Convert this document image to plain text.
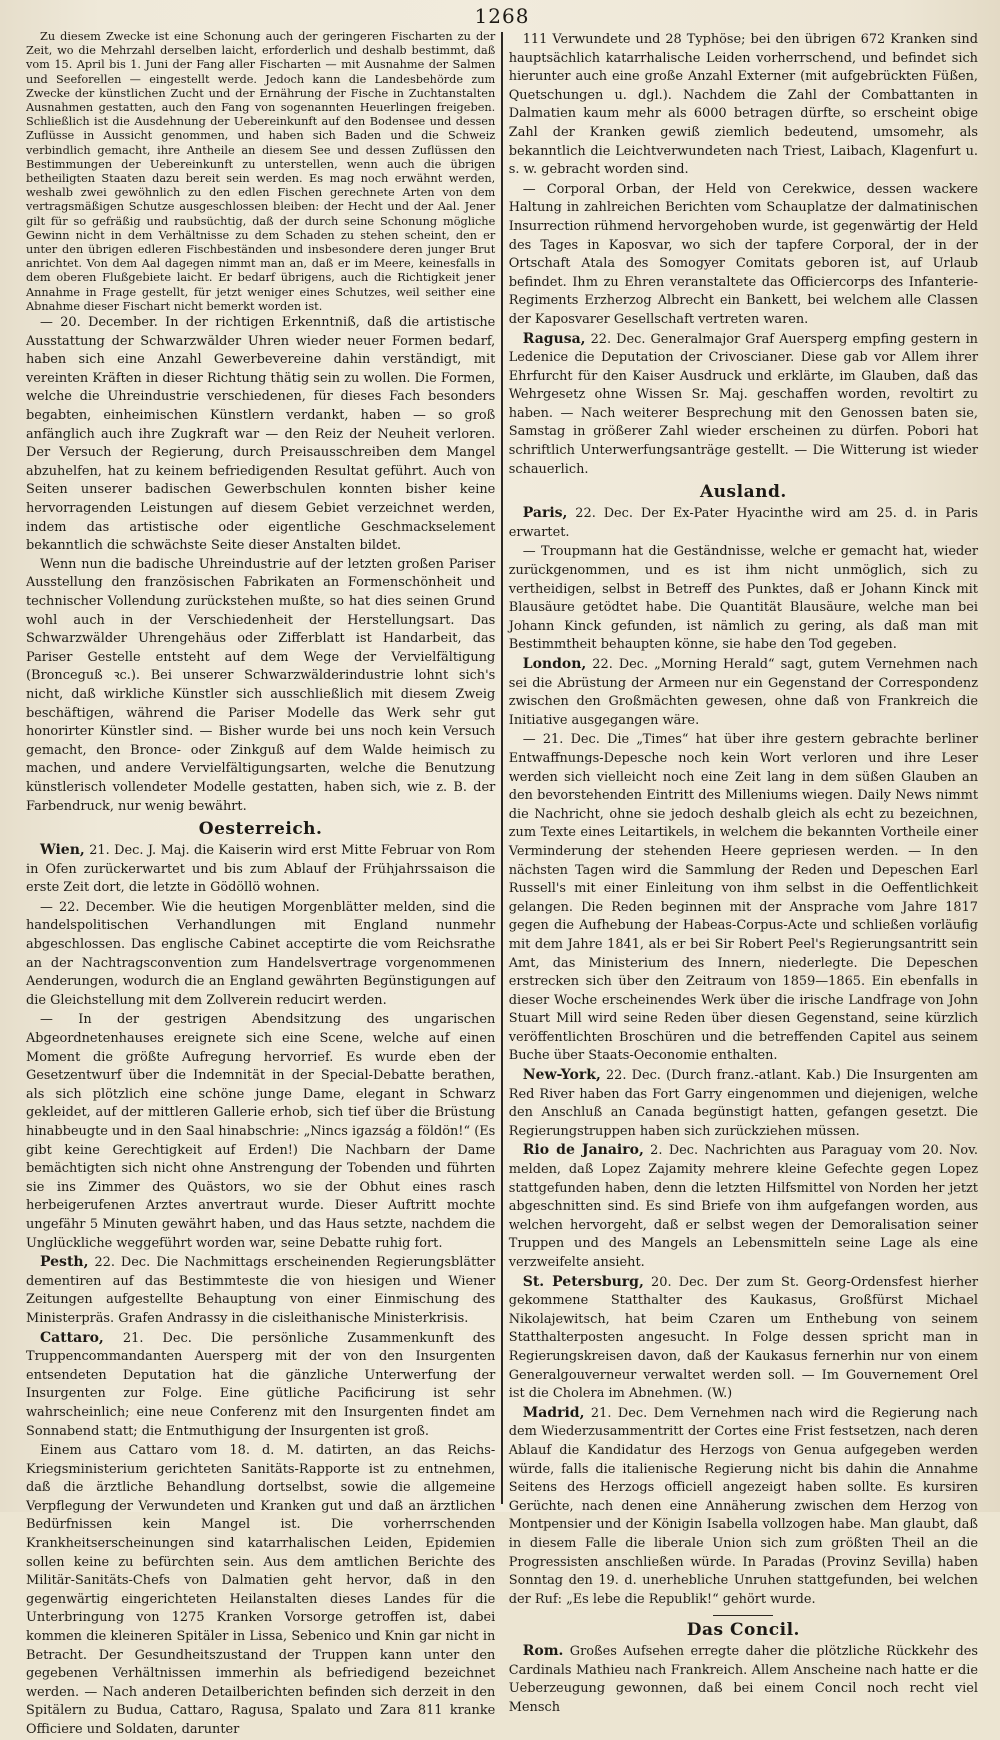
1268

Zu diesem Zwecke ist eine Schonung auch der geringeren Fischarten zu der Zeit, wo die Mehrzahl derselben laicht, erforderlich und deshalb bestimmt, daß vom 15. April bis 1. Juni der Fang aller Fischarten — mit Ausnahme der Salmen und Seeforellen — eingestellt werde. Jedoch kann die Landesbehörde zum Zwecke der künstlichen Zucht und der Ernährung der Fische in Zuchtanstalten Ausnahmen gestatten, auch den Fang von sogenannten Heuerlingen freigeben. Schließlich ist die Ausdehnung der Uebereinkunft auf den Bodensee und dessen Zuflüsse in Aussicht genommen, und haben sich Baden und die Schweiz verbindlich gemacht, ihre Antheile an diesem See und dessen Zuflüssen den Bestimmungen der Uebereinkunft zu unterstellen, wenn auch die übrigen betheiligten Staaten dazu bereit sein werden. Es mag noch erwähnt werden, weshalb zwei gewöhnlich zu den edlen Fischen gerechnete Arten von dem vertragsmäßigen Schutze ausgeschlossen bleiben: der Hecht und der Aal. Jener gilt für so gefräßig und raubsüchtig, daß der durch seine Schonung mögliche Gewinn nicht in dem Verhältnisse zu dem Schaden zu stehen scheint, den er unter den übrigen edleren Fischbeständen und insbesondere deren junger Brut anrichtet. Von dem Aal dagegen nimmt man an, daß er im Meere, keinesfalls in dem oberen Flußgebiete laicht. Er bedarf übrigens, auch die Richtigkeit jener Annahme in Frage gestellt, für jetzt weniger eines Schutzes, weil seither eine Abnahme dieser Fischart nicht bemerkt worden ist.

— 20. December. In der richtigen Erkenntniß, daß die artistische Ausstattung der Schwarzwälder Uhren wieder neuer Formen bedarf, haben sich eine Anzahl Gewerbevereine dahin verständigt, mit vereinten Kräften in dieser Richtung thätig sein zu wollen. Die Formen, welche die Uhreindustrie verschiedenen, für dieses Fach besonders begabten, einheimischen Künstlern verdankt, haben — so groß anfänglich auch ihre Zugkraft war — den Reiz der Neuheit verloren. Der Versuch der Regierung, durch Preisausschreiben dem Mangel abzuhelfen, hat zu keinem befriedigenden Resultat geführt. Auch von Seiten unserer badischen Gewerbschulen konnten bisher keine hervorragenden Leistungen auf diesem Gebiet verzeichnet werden, indem das artistische oder eigentliche Geschmackselement bekanntlich die schwächste Seite dieser Anstalten bildet.

Wenn nun die badische Uhreindustrie auf der letzten großen Pariser Ausstellung den französischen Fabrikaten an Formenschönheit und technischer Vollendung zurückstehen mußte, so hat dies seinen Grund wohl auch in der Verschiedenheit der Herstellungsart. Das Schwarzwälder Uhrengehäus oder Zifferblatt ist Handarbeit, das Pariser Gestelle entsteht auf dem Wege der Vervielfältigung (Bronceguß ꝛc.). Bei unserer Schwarzwälderindustrie lohnt sich's nicht, daß wirkliche Künstler sich ausschließlich mit diesem Zweig beschäftigen, während die Pariser Modelle das Werk sehr gut honorirter Künstler sind. — Bisher wurde bei uns noch kein Versuch gemacht, den Bronce- oder Zinkguß auf dem Walde heimisch zu machen, und andere Vervielfältigungsarten, welche die Benutzung künstlerisch vollendeter Modelle gestatten, haben sich, wie z. B. der Farbendruck, nur wenig bewährt.

Oesterreich.

Wien, 21. Dec. J. Maj. die Kaiserin wird erst Mitte Februar von Rom in Ofen zurückerwartet und bis zum Ablauf der Frühjahrssaison die erste Zeit dort, die letzte in Gödöllö wohnen.

— 22. December. Wie die heutigen Morgenblätter melden, sind die handelspolitischen Verhandlungen mit England nunmehr abgeschlossen. Das englische Cabinet acceptirte die vom Reichsrathe an der Nachtragsconvention zum Handelsvertrage vorgenommenen Aenderungen, wodurch die an England gewährten Begünstigungen auf die Gleichstellung mit dem Zollverein reducirt werden.

— In der gestrigen Abendsitzung des ungarischen Abgeordnetenhauses ereignete sich eine Scene, welche auf einen Moment die größte Aufregung hervorrief. Es wurde eben der Gesetzentwurf über die Indemnität in der Special-Debatte berathen, als sich plötzlich eine schöne junge Dame, elegant in Schwarz gekleidet, auf der mittleren Gallerie erhob, sich tief über die Brüstung hinabbeugte und in den Saal hinabschrie: „Nincs igazság a földön!“ (Es gibt keine Gerechtigkeit auf Erden!) Die Nachbarn der Dame bemächtigten sich nicht ohne Anstrengung der Tobenden und führten sie ins Zimmer des Quästors, wo sie der Obhut eines rasch herbeigerufenen Arztes anvertraut wurde. Dieser Auftritt mochte ungefähr 5 Minuten gewährt haben, und das Haus setzte, nachdem die Unglückliche weggeführt worden war, seine Debatte ruhig fort.

Pesth, 22. Dec. Die Nachmittags erscheinenden Regierungsblätter dementiren auf das Bestimmteste die von hiesigen und Wiener Zeitungen aufgestellte Behauptung von einer Einmischung des Ministerpräs. Grafen Andrassy in die cisleithanische Ministerkrisis.

Cattaro, 21. Dec. Die persönliche Zusammenkunft des Truppencommandanten Auersperg mit der von den Insurgenten entsendeten Deputation hat die gänzliche Unterwerfung der Insurgenten zur Folge. Eine gütliche Pacificirung ist sehr wahrscheinlich; eine neue Conferenz mit den Insurgenten findet am Sonnabend statt; die Entmuthigung der Insurgenten ist groß.

Einem aus Cattaro vom 18. d. M. datirten, an das Reichs-Kriegsministerium gerichteten Sanitäts-Rapporte ist zu entnehmen, daß die ärztliche Behandlung dortselbst, sowie die allgemeine Verpflegung der Verwundeten und Kranken gut und daß an ärztlichen Bedürfnissen kein Mangel ist. Die vorherrschenden Krankheitserscheinungen sind katarrhalischen Leiden, Epidemien sollen keine zu befürchten sein. Aus dem amtlichen Berichte des Militär-Sanitäts-Chefs von Dalmatien geht hervor, daß in den gegenwärtig eingerichteten Heilanstalten dieses Landes für die Unterbringung von 1275 Kranken Vorsorge getroffen ist, dabei kommen die kleineren Spitäler in Lissa, Sebenico und Knin gar nicht in Betracht. Der Gesundheitszustand der Truppen kann unter den gegebenen Verhältnissen immerhin als befriedigend bezeichnet werden. — Nach anderen Detailberichten befinden sich derzeit in den Spitälern zu Budua, Cattaro, Ragusa, Spalato und Zara 811 kranke Officiere und Soldaten, darunter

111 Verwundete und 28 Typhöse; bei den übrigen 672 Kranken sind hauptsächlich katarrhalische Leiden vorherrschend, und befindet sich hierunter auch eine große Anzahl Externer (mit aufgebrückten Füßen, Quetschungen u. dgl.). Nachdem die Zahl der Combattanten in Dalmatien kaum mehr als 6000 betragen dürfte, so erscheint obige Zahl der Kranken gewiß ziemlich bedeutend, umsomehr, als bekanntlich die Leichtverwundeten nach Triest, Laibach, Klagenfurt u. s. w. gebracht worden sind.

— Corporal Orban, der Held von Cerekwice, dessen wackere Haltung in zahlreichen Berichten vom Schauplatze der dalmatinischen Insurrection rühmend hervorgehoben wurde, ist gegenwärtig der Held des Tages in Kaposvar, wo sich der tapfere Corporal, der in der Ortschaft Atala des Somogyer Comitats geboren ist, auf Urlaub befindet. Ihm zu Ehren veranstaltete das Officiercorps des Infanterie-Regiments Erzherzog Albrecht ein Bankett, bei welchem alle Classen der Kaposvarer Gesellschaft vertreten waren.

Ragusa, 22. Dec. Generalmajor Graf Auersperg empfing gestern in Ledenice die Deputation der Crivoscianer. Diese gab vor Allem ihrer Ehrfurcht für den Kaiser Ausdruck und erklärte, im Glauben, daß das Wehrgesetz ohne Wissen Sr. Maj. geschaffen worden, revoltirt zu haben. — Nach weiterer Besprechung mit den Genossen baten sie, Samstag in größerer Zahl wieder erscheinen zu dürfen. Pobori hat schriftlich Unterwerfungsanträge gestellt. — Die Witterung ist wieder schauerlich.

Ausland.

Paris, 22. Dec. Der Ex-Pater Hyacinthe wird am 25. d. in Paris erwartet.

— Troupmann hat die Geständnisse, welche er gemacht hat, wieder zurückgenommen, und es ist ihm nicht unmöglich, sich zu vertheidigen, selbst in Betreff des Punktes, daß er Johann Kinck mit Blausäure getödtet habe. Die Quantität Blausäure, welche man bei Johann Kinck gefunden, ist nämlich zu gering, als daß man mit Bestimmtheit behaupten könne, sie habe den Tod gegeben.

London, 22. Dec. „Morning Herald“ sagt, gutem Vernehmen nach sei die Abrüstung der Armeen nur ein Gegenstand der Correspondenz zwischen den Großmächten gewesen, ohne daß von Frankreich die Initiative ausgegangen wäre.

— 21. Dec. Die „Times“ hat über ihre gestern gebrachte berliner Entwaffnungs-Depesche noch kein Wort verloren und ihre Leser werden sich vielleicht noch eine Zeit lang in dem süßen Glauben an den bevorstehenden Eintritt des Milleniums wiegen. Daily News nimmt die Nachricht, ohne sie jedoch deshalb gleich als echt zu bezeichnen, zum Texte eines Leitartikels, in welchem die bekannten Vortheile einer Verminderung der stehenden Heere gepriesen werden. — In den nächsten Tagen wird die Sammlung der Reden und Depeschen Earl Russell's mit einer Einleitung von ihm selbst in die Oeffentlichkeit gelangen. Die Reden beginnen mit der Ansprache vom Jahre 1817 gegen die Aufhebung der Habeas-Corpus-Acte und schließen vorläufig mit dem Jahre 1841, als er bei Sir Robert Peel's Regierungsantritt sein Amt, das Ministerium des Innern, niederlegte. Die Depeschen erstrecken sich über den Zeitraum von 1859—1865. Ein ebenfalls in dieser Woche erscheinendes Werk über die irische Landfrage von John Stuart Mill wird seine Reden über diesen Gegenstand, seine kürzlich veröffentlichten Broschüren und die betreffenden Capitel aus seinem Buche über Staats-Oeconomie enthalten.

New-York, 22. Dec. (Durch franz.-atlant. Kab.) Die Insurgenten am Red River haben das Fort Garry eingenommen und diejenigen, welche den Anschluß an Canada begünstigt hatten, gefangen gesetzt. Die Regierungstruppen haben sich zurückziehen müssen.

Rio de Janairo, 2. Dec. Nachrichten aus Paraguay vom 20. Nov. melden, daß Lopez Zajamity mehrere kleine Gefechte gegen Lopez stattgefunden haben, denn die letzten Hilfsmittel von Norden her jetzt abgeschnitten sind. Es sind Briefe von ihm aufgefangen worden, aus welchen hervorgeht, daß er selbst wegen der Demoralisation seiner Truppen und des Mangels an Lebensmitteln seine Lage als eine verzweifelte ansieht.

St. Petersburg, 20. Dec. Der zum St. Georg-Ordensfest hierher gekommene Statthalter des Kaukasus, Großfürst Michael Nikolajewitsch, hat beim Czaren um Enthebung von seinem Statthalterposten angesucht. In Folge dessen spricht man in Regierungskreisen davon, daß der Kaukasus fernerhin nur von einem Generalgouverneur verwaltet werden soll. — Im Gouvernement Orel ist die Cholera im Abnehmen. (W.)

Madrid, 21. Dec. Dem Vernehmen nach wird die Regierung nach dem Wiederzusammentritt der Cortes eine Frist festsetzen, nach deren Ablauf die Kandidatur des Herzogs von Genua aufgegeben werden würde, falls die italienische Regierung nicht bis dahin die Annahme Seitens des Herzogs officiell angezeigt haben sollte. Es kursiren Gerüchte, nach denen eine Annäherung zwischen dem Herzog von Montpensier und der Königin Isabella vollzogen habe. Man glaubt, daß in diesem Falle die liberale Union sich zum größten Theil an die Progressisten anschließen würde. In Paradas (Provinz Sevilla) haben Sonntag den 19. d. unerhebliche Unruhen stattgefunden, bei welchen der Ruf: „Es lebe die Republik!“ gehört wurde.

Das Concil.

Rom. Großes Aufsehen erregte daher die plötzliche Rückkehr des Cardinals Mathieu nach Frankreich. Allem Anscheine nach hatte er die Ueberzeugung gewonnen, daß bei einem Concil noch recht viel Mensch
